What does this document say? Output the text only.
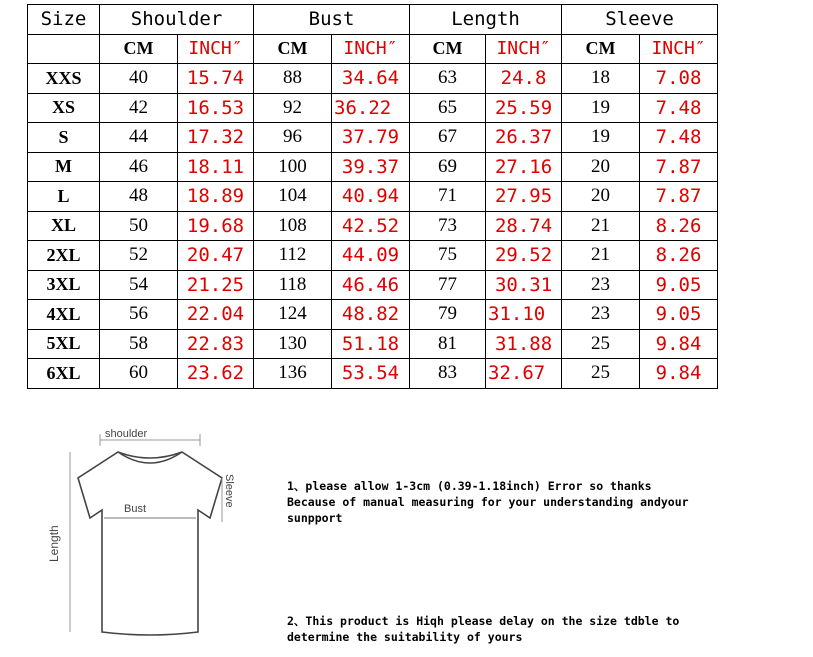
Size	Shoulder		Bust		Length		Sleeve	
	CM	INCH″	CM	INCH″	CM	INCH″	CM	INCH″
XXS	40	15.74	88	34.64	63	24.8	18	7.08
XS	42	16.53	92	36.22	65	25.59	19	7.48
S	44	17.32	96	37.79	67	26.37	19	7.48
M	46	18.11	100	39.37	69	27.16	20	7.87
L	48	18.89	104	40.94	71	27.95	20	7.87
XL	50	19.68	108	42.52	73	28.74	21	8.26
2XL	52	20.47	112	44.09	75	29.52	21	8.26
3XL	54	21.25	118	46.46	77	30.31	23	9.05
4XL	56	22.04	124	48.82	79	31.10	23	9.05
5XL	58	22.83	130	51.18	81	31.88	25	9.84
6XL	60	23.62	136	53.54	83	32.67	25	9.84
shoulder
Bust
Sleeve
Length

1、please allow 1-3cm (0.39-1.18inch) Error so thanks

Because of manual measuring for your understanding andyour

sunpport

2、This product is Hiqh please delay on the size tdble to

determine the suitability of yours
